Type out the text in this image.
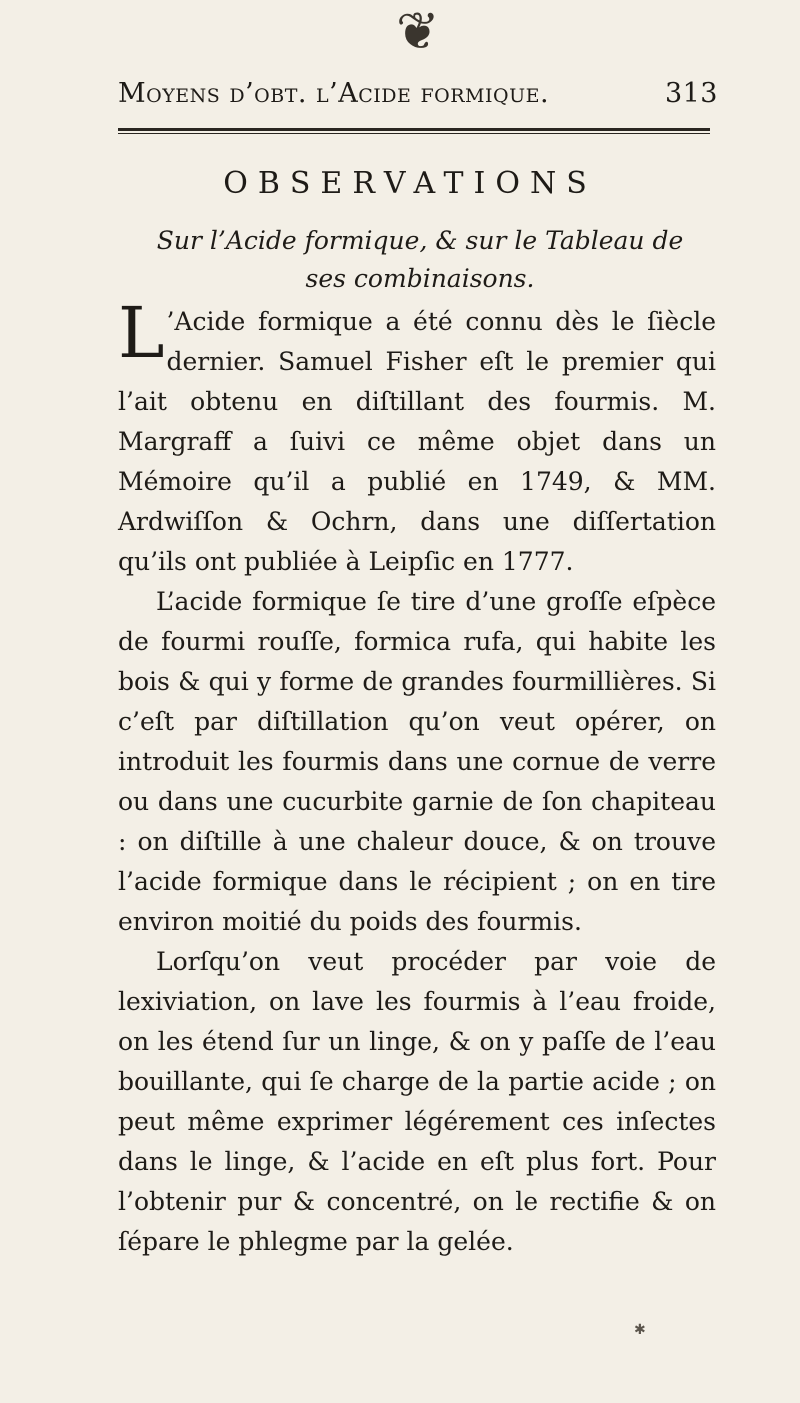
❦
Moyens d’obt. l’Acide formique.	313
OBSERVATIONS
Sur l’Acide formique, & sur le Tableau de ses combinaisons.

L ’Acide formique a été connu dès le ſiècle dernier. Samuel Fisher eſt le premier qui l’ait obtenu en diſtillant des fourmis. M. Margraff a ſuivi ce même objet dans un Mémoire qu’il a publié en 1749, & MM. Ardwiſſon & Ochrn, dans une diſſertation qu’ils ont publiée à Leipſic en 1777.

L’acide formique ſe tire d’une groſſe eſpèce de fourmi rouſſe, formica rufa, qui habite les bois & qui y forme de grandes fourmillières. Si c’eſt par diſtillation qu’on veut opérer, on introduit les fourmis dans une cornue de verre ou dans une cucurbite garnie de ſon chapiteau : on diſtille à une chaleur douce, & on trouve l’acide formique dans le récipient ; on en tire environ moitié du poids des fourmis.

Lorſqu’on veut procéder par voie de lexiviation, on lave les fourmis à l’eau froide, on les étend ſur un linge, & on y paſſe de l’eau bouillante, qui ſe charge de la partie acide ; on peut même exprimer légérement ces inſectes dans le linge, & l’acide en eſt plus fort. Pour l’obtenir pur & concentré, on le rectifie & on ſépare le phlegme par la gelée.

✱
